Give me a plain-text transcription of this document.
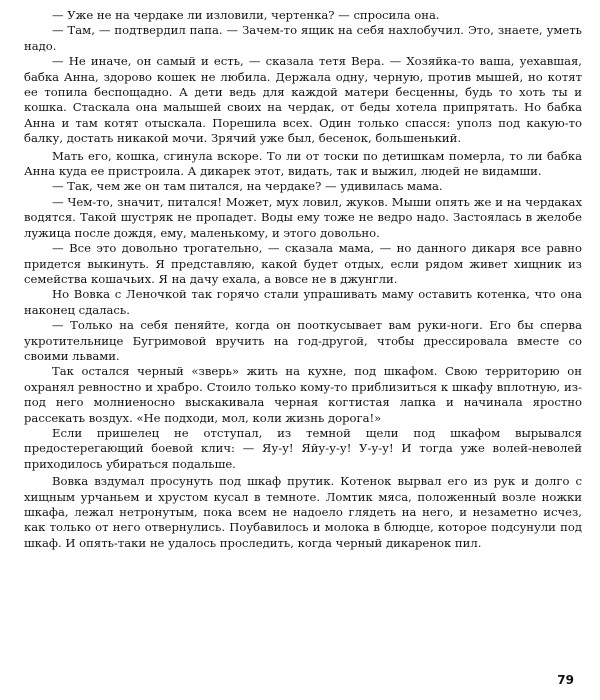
— Уже не на чердаке ли изловили, чертенка? — спросила она.

— Там, — подтвердил папа. — Зачем-то ящик на себя нахлобучил. Это, знаете, уметь надо.

— Не иначе, он самый и есть, — сказала тетя Вера. — Хозяйка-то ваша, уехавшая, бабка Анна, здорово кошек не любила. Держала одну, черную, против мышей, но котят ее топила беспощадно. А дети ведь для каждой матери бесценны, будь то хоть ты и кошка. Стаскала она малышей своих на чердак, от беды хотела припрятать. Но бабка Анна и там котят отыскала. Порешила всех. Один только спасся: уполз под какую-то балку, достать никакой мочи. Зрячий уже был, бесенок, большенький.

Мать его, кошка, сгинула вскоре. То ли от тоски по детишкам померла, то ли бабка Анна куда ее пристроила. А дикарек этот, видать, так и выжил, людей не видамши.

— Так, чем же он там питался, на чердаке? — удивилась мама.

— Чем-то, значит, питался! Может, мух ловил, жуков. Мыши опять же и на чердаках водятся. Такой шустряк не пропадет. Воды ему тоже не ведро надо. Застоялась в желобе лужица после дождя, ему, маленькому, и этого довольно.

— Все это довольно трогательно, — сказала мама, — но данного дикаря все равно придется выкинуть. Я представляю, какой будет отдых, если рядом живет хищник из семейства кошачьих. Я на дачу ехала, а вовсе не в джунгли.

Но Вовка с Леночкой так горячо стали упрашивать маму оставить котенка, что она наконец сдалась.

— Только на себя пеняйте, когда он пооткусывает вам руки-ноги. Его бы сперва укротительнице Бугримовой вручить на год-другой, чтобы дрессировала вместе со своими львами.

Так остался черный «зверь» жить на кухне, под шкафом. Свою территорию он охранял ревностно и храбро. Стоило только кому-то приблизиться к шкафу вплотную, из-под него молниеносно выскакивала черная когтистая лапка и начинала яростно рассекать воздух. «Не подходи, мол, коли жизнь дорога!»

Если пришелец не отступал, из темной щели под шкафом вырывался предостерегающий боевой клич: — Яу-у! Яйу-у-у! У-у-у! И тогда уже волей-неволей приходилось убираться подальше.

Вовка вздумал просунуть под шкаф прутик. Котенок вырвал его из рук и долго с хищным урчаньем и хрустом кусал в темноте. Ломтик мяса, положенный возле ножки шкафа, лежал нетронутым, пока всем не надоело глядеть на него, и незаметно исчез, как только от него отвернулись. Поубавилось и молока в блюдце, которое подсунули под шкаф. И опять-таки не удалось проследить, когда черный дикаренок пил.

79
